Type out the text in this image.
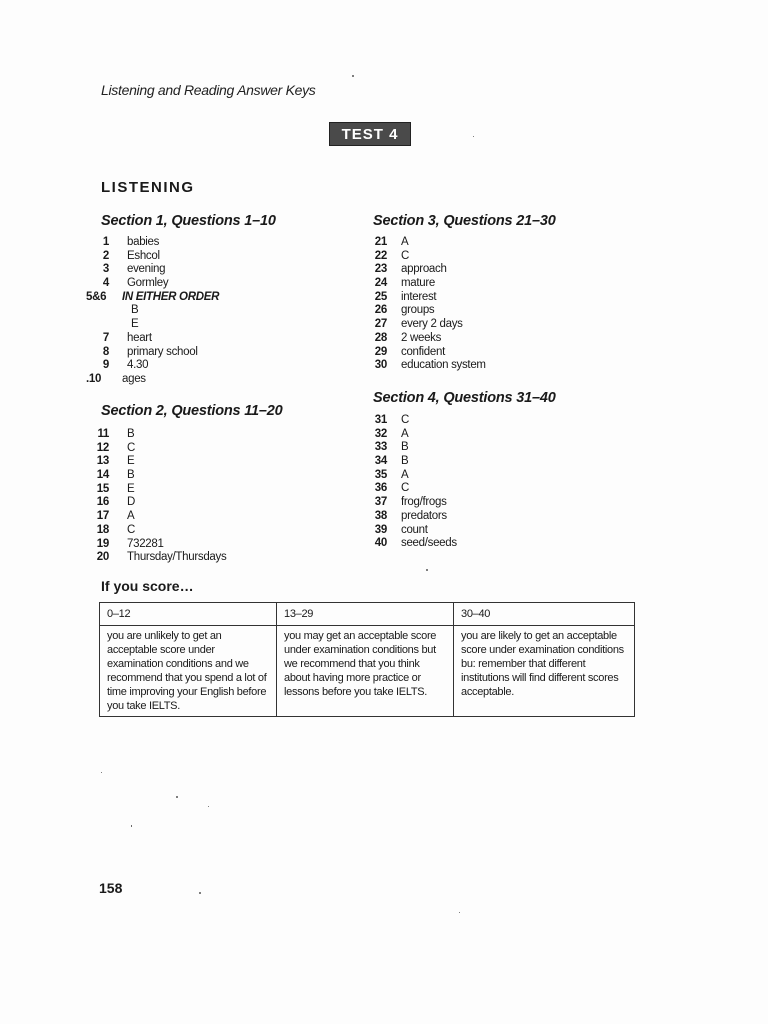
Listening and Reading Answer Keys
TEST 4
LISTENING
Section 1, Questions 1–10
1	babies
2	Eshcol
3	evening
4	Gormley
5&6	IN EITHER ORDER
B
E
7	heart
8	primary school
9	4.30
.10	ages
Section 2, Questions 11–20
11	B
12	C
13	E
14	B
15	E
16	D
17	A
18	C
19	732281
20	Thursday/Thursdays
Section 3, Questions 21–30
21	A
22	C
23	approach
24	mature
25	interest
26	groups
27	every 2 days
28	2 weeks
29	confident
30	education system
Section 4, Questions 31–40
31	C
32	A
33	B
34	B
35	A
36	C
37	frog/frogs
38	predators
39	count
40	seed/seeds
If you score…
0–12	13–29	30–40
you are unlikely to get an acceptable score under examination conditions and we recommend that you spend a lot of time improving your English before you take IELTS.	you may get an acceptable score under examination conditions but we recommend that you think about having more practice or lessons before you take IELTS.	you are likely to get an acceptable score under examination conditions bu: remember that different institutions will find different scores acceptable.
158
